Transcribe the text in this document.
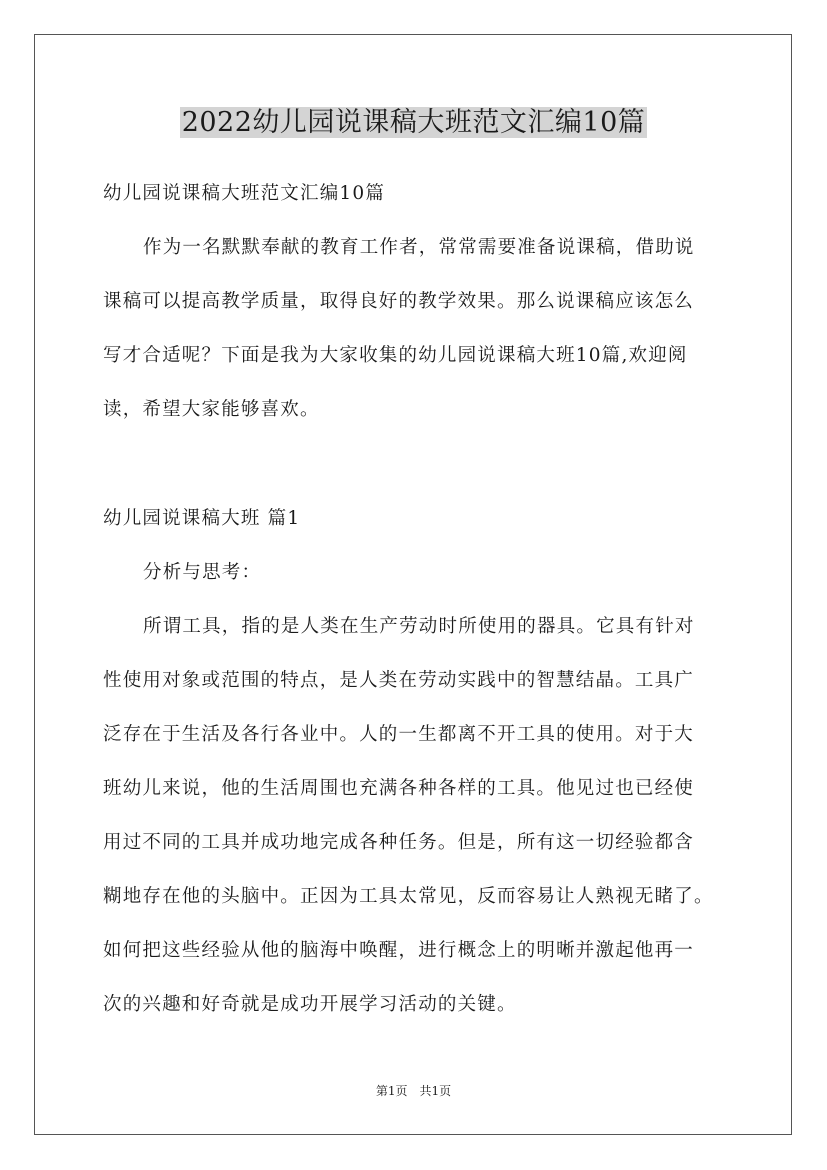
2022幼儿园说课稿大班范文汇编10篇
幼儿园说课稿大班范文汇编10篇
作为一名默默奉献的教育工作者，常常需要准备说课稿，借助说
课稿可以提高教学质量，取得良好的教学效果。那么说课稿应该怎么
写才合适呢？下面是我为大家收集的幼儿园说课稿大班10篇,欢迎阅
读，希望大家能够喜欢。
幼儿园说课稿大班 篇1
分析与思考：
所谓工具，指的是人类在生产劳动时所使用的器具。它具有针对
性使用对象或范围的特点，是人类在劳动实践中的智慧结晶。工具广
泛存在于生活及各行各业中。人的一生都离不开工具的使用。对于大
班幼儿来说，他的生活周围也充满各种各样的工具。他见过也已经使
用过不同的工具并成功地完成各种任务。但是，所有这一切经验都含
糊地存在他的头脑中。正因为工具太常见，反而容易让人熟视无睹了。
如何把这些经验从他的脑海中唤醒，进行概念上的明晰并激起他再一
次的兴趣和好奇就是成功开展学习活动的关键。
第1页　共1页
